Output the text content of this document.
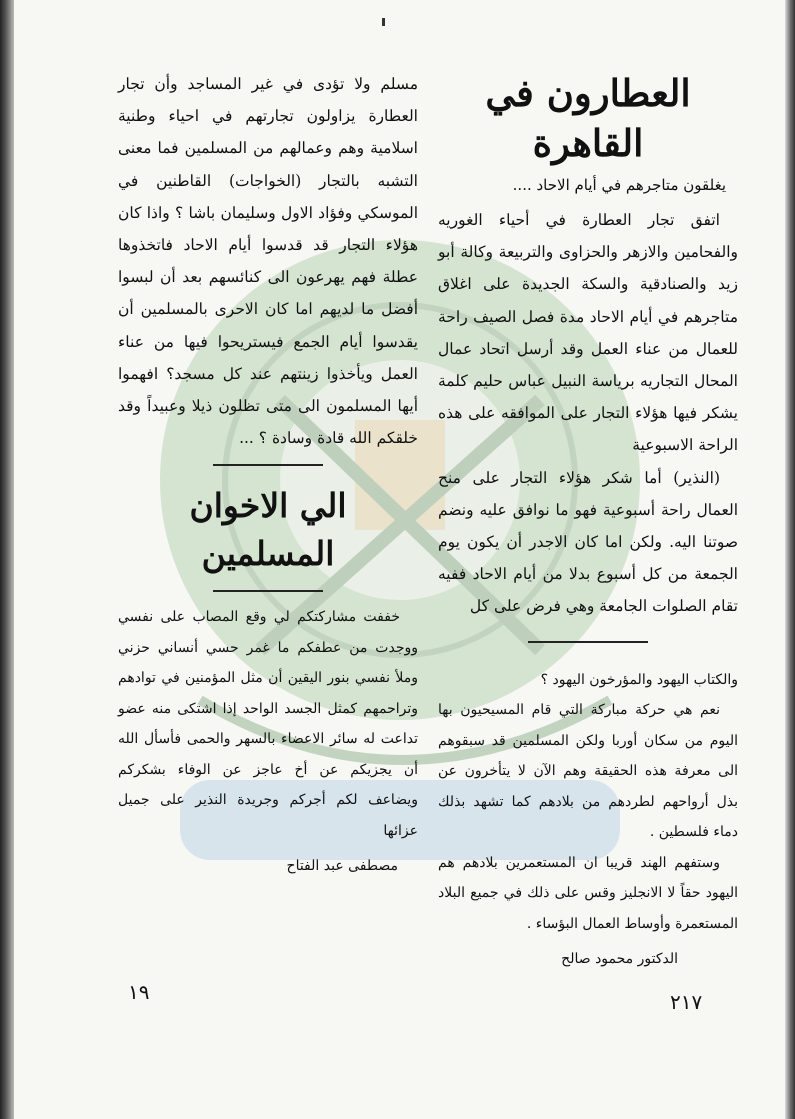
العطارون في القاهرة
يغلقون متاجرهم في أيام الاحاد ....

اتفق تجار العطارة في أحياء الغوريه والفحامين والازهر والحزاوى والتربيعة وكالة أبو زيد والصنادقية والسكة الجديدة على اغلاق متاجرهم في أيام الاحاد مدة فصل الصيف راحة للعمال من عناء العمل وقد أرسل اتحاد عمال المحال التجاريه برياسة النبيل عباس حليم كلمة يشكر فيها هؤلاء التجار على الموافقه على هذه الراحة الاسبوعية

(النذير) أما شكر هؤلاء التجار على منح العمال راحة أسبوعية فهو ما نوافق عليه ونضم صوتنا اليه. ولكن اما كان الاجدر أن يكون يوم الجمعة من كل أسبوع بدلا من أيام الاحاد ففيه تقام الصلوات الجامعة وهي فرض على كل

والكتاب اليهود والمؤرخون اليهود ؟

نعم هي حركة مباركة التي قام المسيحيون بها اليوم من سكان أوربا ولكن المسلمين قد سبقوهم الى معرفة هذه الحقيقة وهم الآن لا يتأخرون عن بذل أرواحهم لطردهم من بلادهم كما تشهد بذلك دماء فلسطين .

وستفهم الهند قريبا ان المستعمرين بلادهم هم اليهود حقاً لا الانجليز وقس على ذلك في جميع البلاد المستعمرة وأوساط العمال البؤساء .

الدكتور محمود صالح

مسلم ولا تؤدى في غير المساجد وأن تجار العطارة يزاولون تجارتهم في احياء وطنية اسلامية وهم وعمالهم من المسلمين فما معنى التشبه بالتجار (الخواجات) القاطنين في الموسكي وفؤاد الاول وسليمان باشا ؟ واذا كان هؤلاء التجار قد قدسوا أيام الاحاد فاتخذوها عطلة فهم يهرعون الى كنائسهم بعد أن لبسوا أفضل ما لديهم اما كان الاحرى بالمسلمين أن يقدسوا أيام الجمع فيستريحوا فيها من عناء العمل ويأخذوا زينتهم عند كل مسجد؟ افهموا أيها المسلمون الى متى تظلون ذيلا وعبيداً وقد خلقكم الله قادة وسادة ؟ ...

الي الاخوان المسلمين

خففت مشاركتكم لي وقع المصاب على نفسي ووجدت من عطفكم ما غمر حسي أنساني حزني وملأ نفسي بنور اليقين أن مثل المؤمنين في توادهم وتراحمهم كمثل الجسد الواحد إذا اشتكى منه عضو تداعت له سائر الاعضاء بالسهر والحمى فأسأل الله أن يجزيكم عن أخ عاجز عن الوفاء بشكركم ويضاعف لكم أجركم وجريدة النذير على جميل عزائها

مصطفى عبد الفتاح
٢١٧
١٩
